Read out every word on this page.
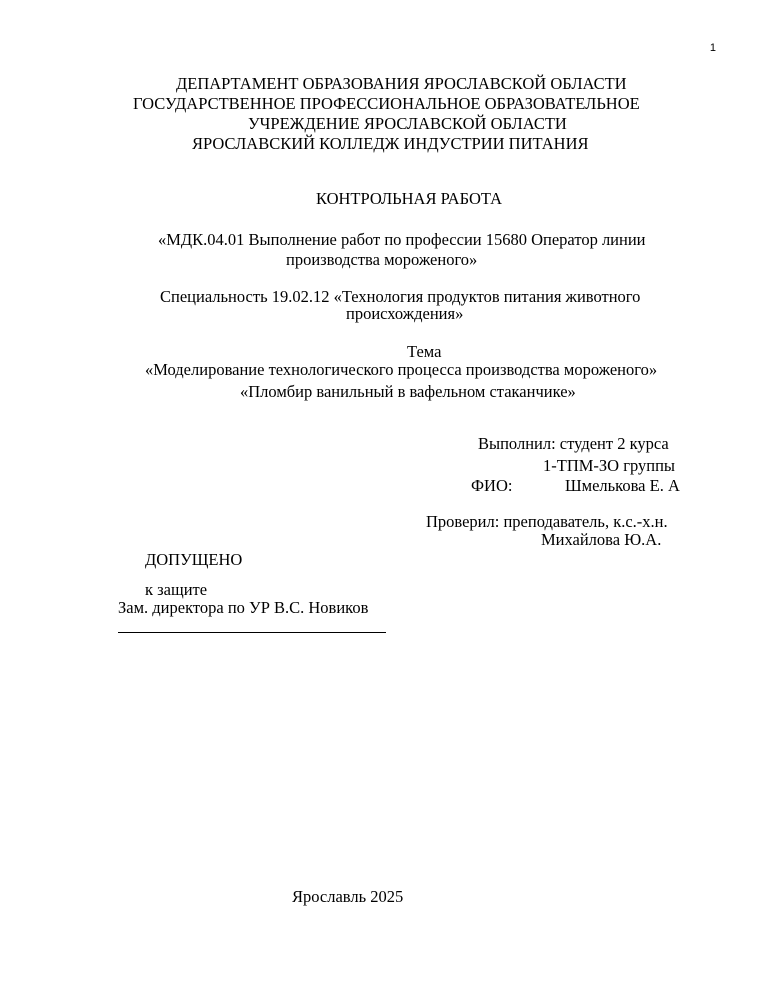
1
ДЕПАРТАМЕНТ ОБРАЗОВАНИЯ ЯРОСЛАВСКОЙ ОБЛАСТИ
ГОСУДАРСТВЕННОЕ ПРОФЕССИОНАЛЬНОЕ ОБРАЗОВАТЕЛЬНОЕ
УЧРЕЖДЕНИЕ ЯРОСЛАВСКОЙ ОБЛАСТИ
ЯРОСЛАВСКИЙ КОЛЛЕДЖ ИНДУСТРИИ ПИТАНИЯ
КОНТРОЛЬНАЯ РАБОТА
«МДК.04.01 Выполнение работ по профессии 15680 Оператор линии
производства мороженого»
Специальность 19.02.12 «Технология продуктов питания животного
происхождения»
Тема
«Моделирование технологического процесса производства мороженого»
«Пломбир ванильный в вафельном стаканчике»
Выполнил: студент 2 курса
1-ТПМ-ЗО группы
ФИО:	Шмелькова Е. А
Проверил: преподаватель, к.с.-х.н.
Михайлова Ю.А.
ДОПУЩЕНО
к защите
Зам. директора по УР В.С. Новиков
Ярославль 2025
